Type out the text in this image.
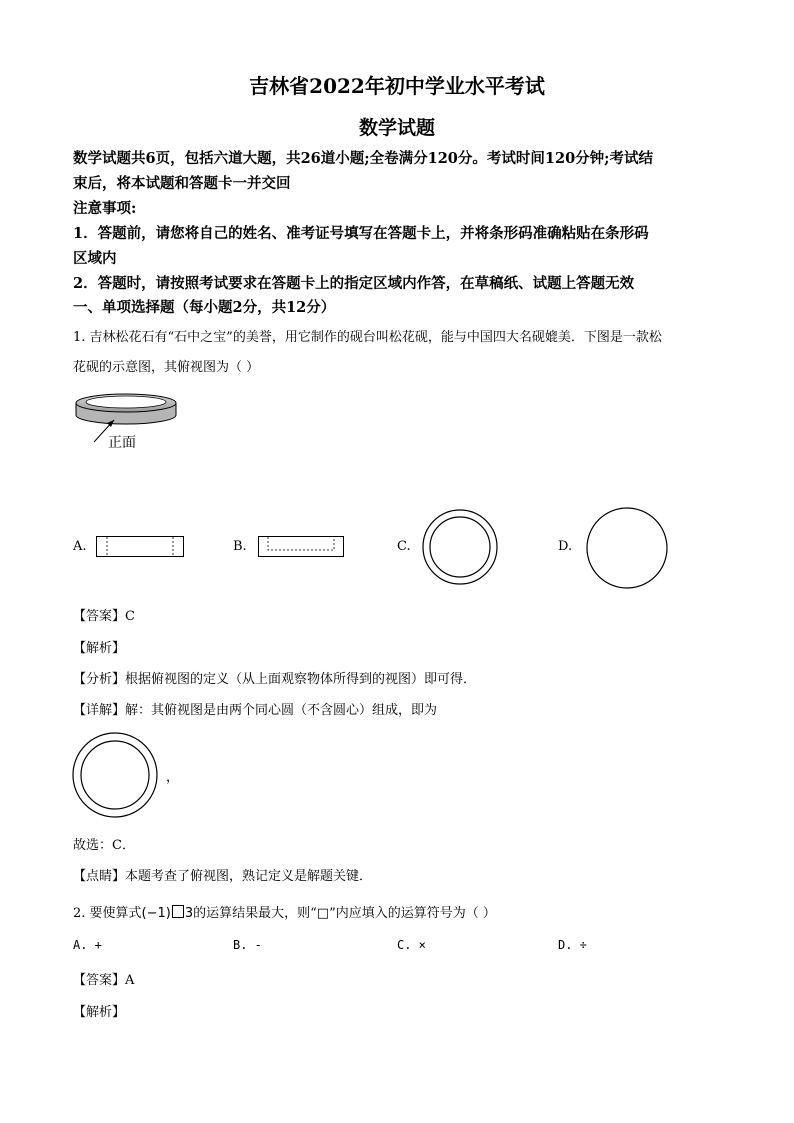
吉林省2022年初中学业水平考试
数学试题
数学试题共6页，包括六道大题，共26道小题;全卷满分120分。考试时间120分钟;考试结
束后，将本试题和答题卡一并交回
注意事项:
1．答题前，请您将自己的姓名、准考证号填写在答题卡上，并将条形码准确粘贴在条形码
区域内
2．答题时，请按照考试要求在答题卡上的指定区域内作答，在草稿纸、试题上答题无效
一、单项选择题（每小题2分，共12分）
1. 吉林松花石有“石中之宝”的美誉，用它制作的砚台叫松花砚，能与中国四大名砚媲美．下图是一款松
花砚的示意图，其俯视图为（ ）
正面
A.	B.	C.	D.
【答案】C
【解析】
【分析】根据俯视图的定义（从上面观察物体所得到的视图）即可得．
【详解】解：其俯视图是由两个同心圆（不含圆心）组成，即为
，
故选：C．
【点睛】本题考查了俯视图，熟记定义是解题关键．
2. 要使算式(−1) 3的运算结果最大，则“□”内应填入的运算符号为（ ）
A. +	B. -	C. ×	D. ÷
【答案】A
【解析】
